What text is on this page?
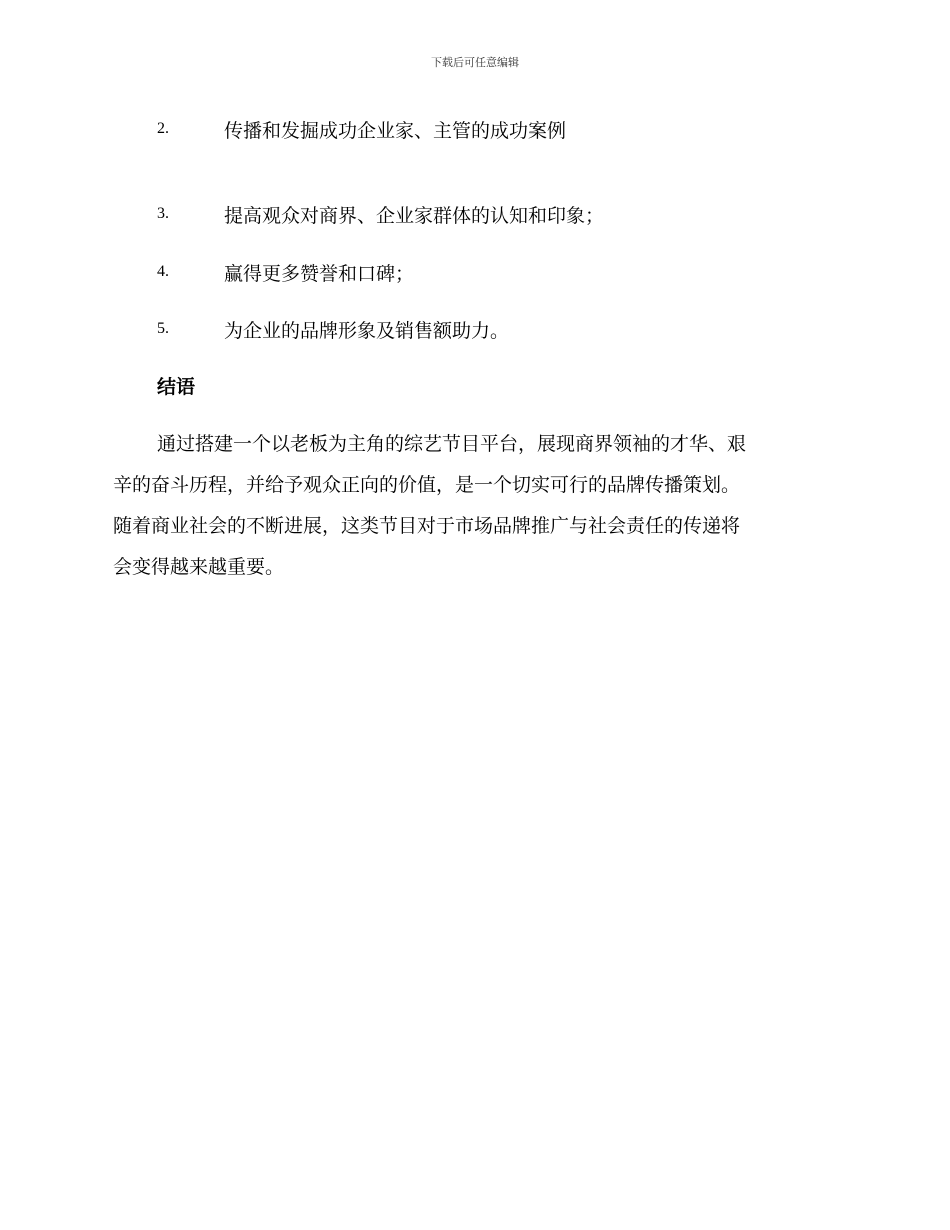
下载后可任意编辑
2.	传播和发掘成功企业家、主管的成功案例
3.	提高观众对商界、企业家群体的认知和印象；
4.	赢得更多赞誉和口碑；
5.	为企业的品牌形象及销售额助力。
结语
通过搭建一个以老板为主角的综艺节目平台，展现商界领袖的才华、艰
辛的奋斗历程，并给予观众正向的价值，是一个切实可行的品牌传播策划。
随着商业社会的不断进展，这类节目对于市场品牌推广与社会责任的传递将
会变得越来越重要。
